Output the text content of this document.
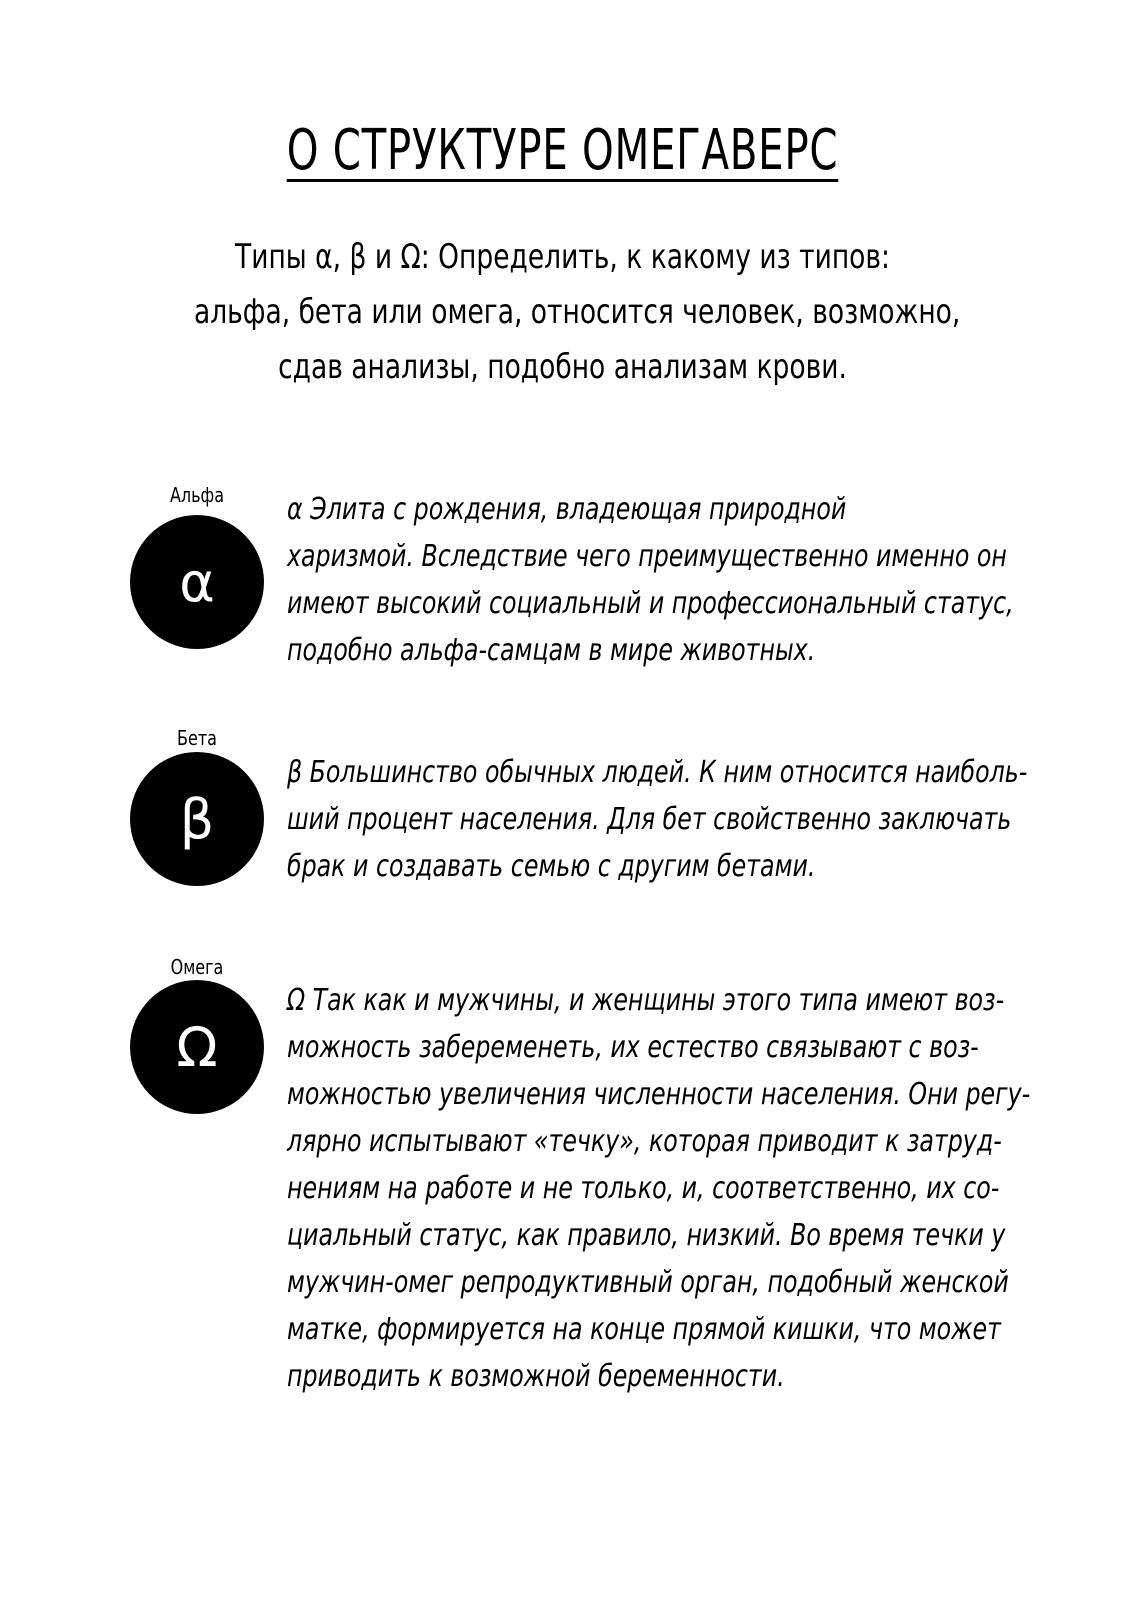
О СТРУКТУРЕ ОМЕГАВЕРС
Типы α, β и Ω: Определить, к какому из типов:
альфа, бета или омега, относится человек, возможно,
сдав анализы, подобно анализам крови.
Альфа
α
α Элита с рождения, владеющая природной
харизмой. Вследствие чего преимущественно именно он
имеют высокий социальный и профессиональный статус,
подобно альфа-самцам в мире животных.
Бета
β
β Большинство обычных людей. К ним относится наиболь-
ший процент населения. Для бет свойственно заключать
брак и создавать семью с другим бетами.
Омега
Ω
Ω Так как и мужчины, и женщины этого типа имеют воз-
можность забеременеть, их естество связывают с воз-
можностью увеличения численности населения. Они регу-
лярно испытывают «течку», которая приводит к затруд-
нениям на работе и не только, и, соответственно, их со-
циальный статус, как правило, низкий. Во время течки у
мужчин-омег репродуктивный орган, подобный женской
матке, формируется на конце прямой кишки, что может
приводить к возможной беременности.
